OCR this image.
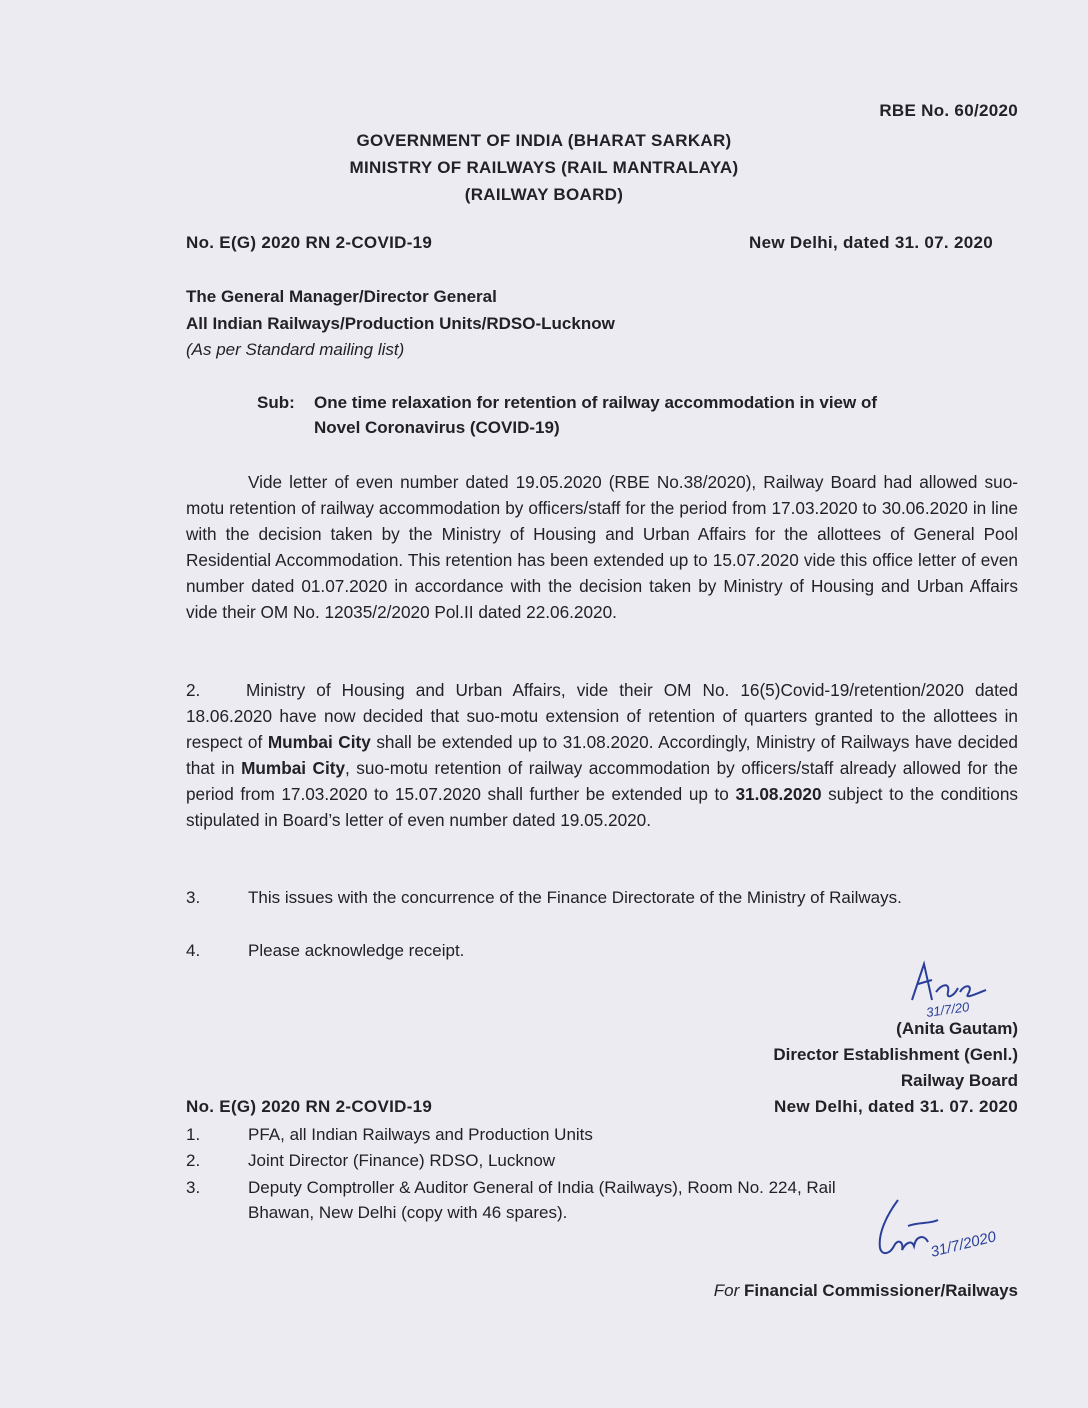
RBE No. 60/2020

GOVERNMENT OF INDIA (BHARAT SARKAR)

MINISTRY OF RAILWAYS (RAIL MANTRALAYA)

(RAILWAY BOARD)

No. E(G) 2020 RN 2-COVID-19	New Delhi, dated 31. 07. 2020

The General Manager/Director General

All Indian Railways/Production Units/RDSO-Lucknow

(As per Standard mailing list)

Sub: One time relaxation for retention of railway accommodation in view of

Novel Coronavirus (COVID-19)

Vide letter of even number dated 19.05.2020 (RBE No.38/2020), Railway Board had allowed suo-motu retention of railway accommodation by officers/staff for the period from 17.03.2020 to 30.06.2020 in line with the decision taken by the Ministry of Housing and Urban Affairs for the allottees of General Pool Residential Accommodation. This retention has been extended up to 15.07.2020 vide this office letter of even number dated 01.07.2020 in accordance with the decision taken by Ministry of Housing and Urban Affairs vide their OM No. 12035/2/2020 Pol.II dated 22.06.2020.

2.	Ministry of Housing and Urban Affairs, vide their OM No. 16(5)Covid-19/retention/2020 dated 18.06.2020 have now decided that suo-motu extension of retention of quarters granted to the allottees in respect of Mumbai City shall be extended up to 31.08.2020. Accordingly, Ministry of Railways have decided that in Mumbai City, suo-motu retention of railway accommodation by officers/staff already allowed for the period from 17.03.2020 to 15.07.2020 shall further be extended up to 31.08.2020 subject to the conditions stipulated in Board’s letter of even number dated 19.05.2020.

3.	This issues with the concurrence of the Finance Directorate of the Ministry of Railways.

4.	Please acknowledge receipt.

31/7/20

(Anita Gautam)

Director Establishment (Genl.)

Railway Board

No. E(G) 2020 RN 2-COVID-19	New Delhi, dated 31. 07. 2020

1.	PFA, all Indian Railways and Production Units

2.	Joint Director (Finance) RDSO, Lucknow

3.	Deputy Comptroller & Auditor General of India (Railways), Room No. 224, Rail

Bhawan, New Delhi (copy with 46 spares).

31/7/2020

For Financial Commissioner/Railways
